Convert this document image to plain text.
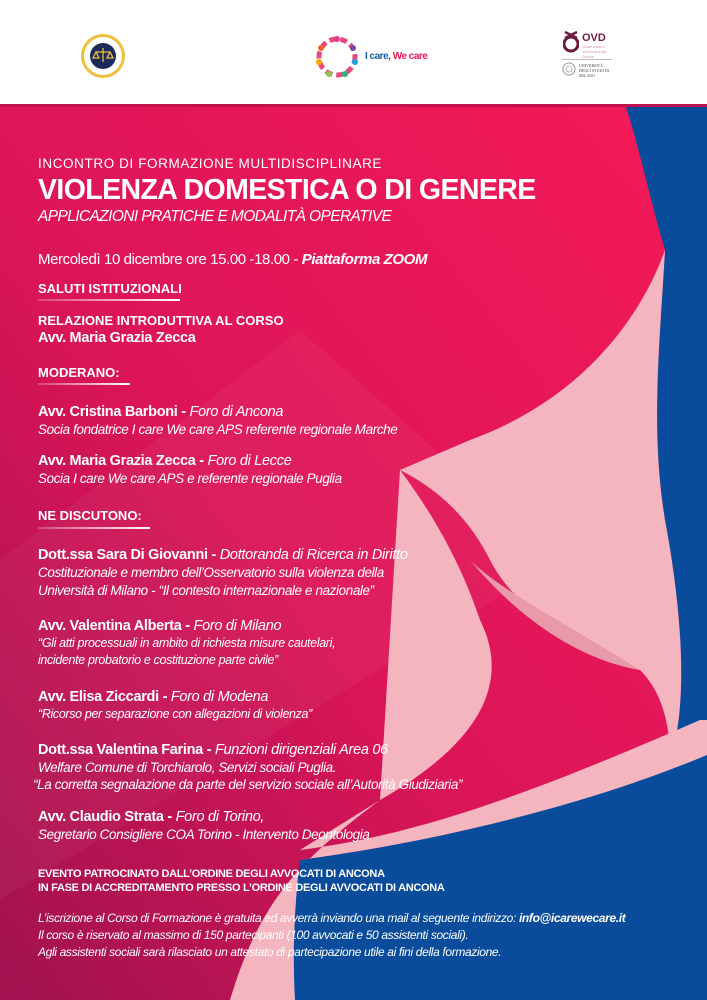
I care, We care
OVD
Osservatorio Violenza sulle Donne
UNIVERSITÀ DEGLI STUDI DI MILANO
INCONTRO DI FORMAZIONE MULTIDISCIPLINARE
VIOLENZA DOMESTICA O DI GENERE
APPLICAZIONI PRATICHE E MODALITÀ OPERATIVE
Mercoledì 10 dicembre ore 15.00 -18.00 - Piattaforma ZOOM
SALUTI ISTITUZIONALI
RELAZIONE INTRODUTTIVA AL CORSO
Avv. Maria Grazia Zecca
MODERANO:
Avv. Cristina Barboni - Foro di Ancona
Socia fondatrice I care We care APS referente regionale Marche
Avv. Maria Grazia Zecca - Foro di Lecce
Socia I care We care APS e referente regionale Puglia
NE DISCUTONO:
Dott.ssa Sara Di Giovanni - Dottoranda di Ricerca in Diritto
Costituzionale e membro dell’Osservatorio sulla violenza della
Università di Milano - “Il contesto internazionale e nazionale”
Avv. Valentina Alberta - Foro di Milano
“Gli atti processuali in ambito di richiesta misure cautelari,
incidente probatorio e costituzione parte civile”
Avv. Elisa Ziccardi - Foro di Modena
“Ricorso per separazione con allegazioni di violenza”
Dott.ssa Valentina Farina - Funzioni dirigenziali Area 06
Welfare Comune di Torchiarolo, Servizi sociali Puglia.
“La corretta segnalazione da parte del servizio sociale all’Autorità Giudiziaria”
Avv. Claudio Strata - Foro di Torino,
Segretario Consigliere COA Torino - Intervento Deontologia
EVENTO PATROCINATO DALL’ORDINE DEGLI AVVOCATI DI ANCONA
IN FASE DI ACCREDITAMENTO PRESSO L’ORDINE DEGLI AVVOCATI DI ANCONA
L’iscrizione al Corso di Formazione è gratuita ed avverrà inviando una mail al seguente indirizzo: info@icarewecare.it
Il corso è riservato al massimo di 150 partecipanti (100 avvocati e 50 assistenti sociali).
Agli assistenti sociali sarà rilasciato un attestato di partecipazione utile ai fini della formazione.
